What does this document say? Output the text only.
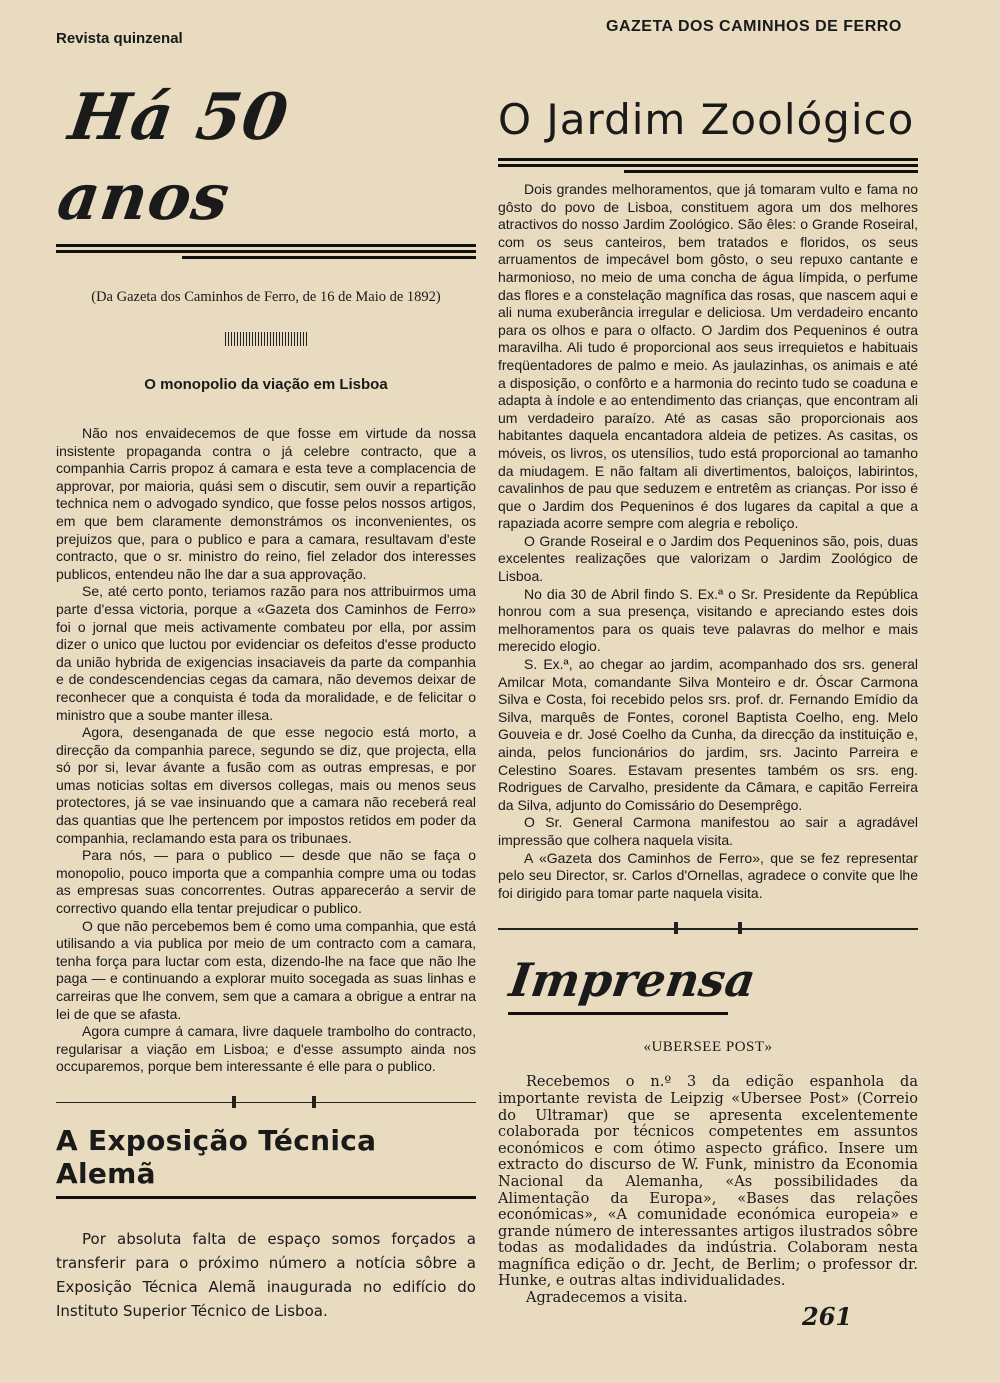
Revista quinzenal
GAZETA DOS CAMINHOS DE FERRO
Há 50 anos
(Da Gazeta dos Caminhos de Ferro, de 16 de Maio de 1892)
O monopolio da viação em Lisboa

Não nos envaidecemos de que fosse em virtude da nossa insistente propaganda contra o já celebre contracto, que a companhia Carris propoz á camara e esta teve a complacencia de approvar, por maioria, quási sem o discutir, sem ouvir a repartição technica nem o advogado syndico, que fosse pelos nossos artigos, em que bem claramente demonstrámos os inconvenientes, os prejuizos que, para o publico e para a camara, resultavam d'este contracto, que o sr. ministro do reino, fiel zelador dos interesses publicos, entendeu não lhe dar a sua approvação.

Se, até certo ponto, teriamos razão para nos attribuirmos uma parte d'essa victoria, porque a «Gazeta dos Caminhos de Ferro» foi o jornal que meis activamente combateu por ella, por assim dizer o unico que luctou por evidenciar os defeitos d'esse producto da união hybrida de exigencias insaciaveis da parte da companhia e de condescendencias cegas da camara, não devemos deixar de reconhecer que a conquista é toda da moralidade, e de felicitar o ministro que a soube manter illesa.

Agora, desenganada de que esse negocio está morto, a direcção da companhia parece, segundo se diz, que projecta, ella só por si, levar ávante a fusão com as outras empresas, e por umas noticias soltas em diversos collegas, mais ou menos seus protectores, já se vae insinuando que a camara não receberá real das quantias que lhe pertencem por impostos retidos em poder da companhia, reclamando esta para os tribunaes.

Para nós, — para o publico — desde que não se faça o monopolio, pouco importa que a companhia compre uma ou todas as empresas suas concorrentes. Outras appareceráo a servir de correctivo quando ella tentar prejudicar o publico.

O que não percebemos bem é como uma companhia, que está utilisando a via publica por meio de um contracto com a camara, tenha força para luctar com esta, dizendo-lhe na face que não lhe paga — e continuando a explorar muito socegada as suas linhas e carreiras que lhe convem, sem que a camara a obrigue a entrar na lei de que se afasta.

Agora cumpre á camara, livre daquele trambolho do contracto, regularisar a viação em Lisboa; e d'esse assumpto ainda nos occuparemos, porque bem interessante é elle para o publico.

A Exposição Técnica Alemã

Por absoluta falta de espaço somos forçados a transferir para o próximo número a notícia sôbre a Exposição Técnica Alemã inaugurada no edifício do Instituto Superior Técnico de Lisboa.

O Jardim Zoológico

Dois grandes melhoramentos, que já tomaram vulto e fama no gôsto do povo de Lisboa, constituem agora um dos melhores atractivos do nosso Jardim Zoológico. São êles: o Grande Roseiral, com os seus canteiros, bem tratados e floridos, os seus arruamentos de impecável bom gôsto, o seu repuxo cantante e harmonioso, no meio de uma concha de água límpida, o perfume das flores e a constelação magnífica das rosas, que nascem aqui e ali numa exuberância irregular e deliciosa. Um verdadeiro encanto para os olhos e para o olfacto. O Jardim dos Pequeninos é outra maravilha. Ali tudo é proporcional aos seus irrequietos e habituais freqüentadores de palmo e meio. As jaulazinhas, os animais e até a disposição, o confôrto e a harmonia do recinto tudo se coaduna e adapta à índole e ao entendimento das crianças, que encontram ali um verdadeiro paraízo. Até as casas são proporcionais aos habitantes daquela encantadora aldeia de petizes. As casitas, os móveis, os livros, os utensílios, tudo está proporcional ao tamanho da miudagem. E não faltam ali divertimentos, baloiços, labirintos, cavalinhos de pau que seduzem e entretêm as crianças. Por isso é que o Jardim dos Pequeninos é dos lugares da capital a que a rapaziada acorre sempre com alegria e reboliço.

O Grande Roseiral e o Jardim dos Pequeninos são, pois, duas excelentes realizações que valorizam o Jardim Zoológico de Lisboa.

No dia 30 de Abril findo S. Ex.ª o Sr. Presidente da República honrou com a sua presença, visitando e apreciando estes dois melhoramentos para os quais teve palavras do melhor e mais merecido elogio.

S. Ex.ª, ao chegar ao jardim, acompanhado dos srs. general Amilcar Mota, comandante Silva Monteiro e dr. Óscar Carmona Silva e Costa, foi recebido pelos srs. prof. dr. Fernando Emídio da Silva, marquês de Fontes, coronel Baptista Coelho, eng. Melo Gouveia e dr. José Coelho da Cunha, da direcção da instituição e, ainda, pelos funcionários do jardim, srs. Jacinto Parreira e Celestino Soares. Estavam presentes também os srs. eng. Rodrigues de Carvalho, presidente da Câmara, e capitão Ferreira da Silva, adjunto do Comissário do Desemprêgo.

O Sr. General Carmona manifestou ao sair a agradável impressão que colhera naquela visita.

A «Gazeta dos Caminhos de Ferro», que se fez representar pelo seu Director, sr. Carlos d'Ornellas, agradece o convite que lhe foi dirigido para tomar parte naquela visita.

Imprensa
«UBERSEE POST»

Recebemos o n.º 3 da edição espanhola da importante revista de Leipzig «Ubersee Post» (Correio do Ultramar) que se apresenta excelentemente colaborada por técnicos competentes em assuntos económicos e com ótimo aspecto gráfico. Insere um extracto do discurso de W. Funk, ministro da Economia Nacional da Alemanha, «As possibilidades da Alimentação da Europa», «Bases das relações económicas», «A comunidade económica europeia» e grande número de interessantes artigos ilustrados sôbre todas as modalidades da indústria. Colaboram nesta magnífica edição o dr. Jecht, de Berlim; o professor dr. Hunke, e outras altas individualidades.

Agradecemos a visita.

261
